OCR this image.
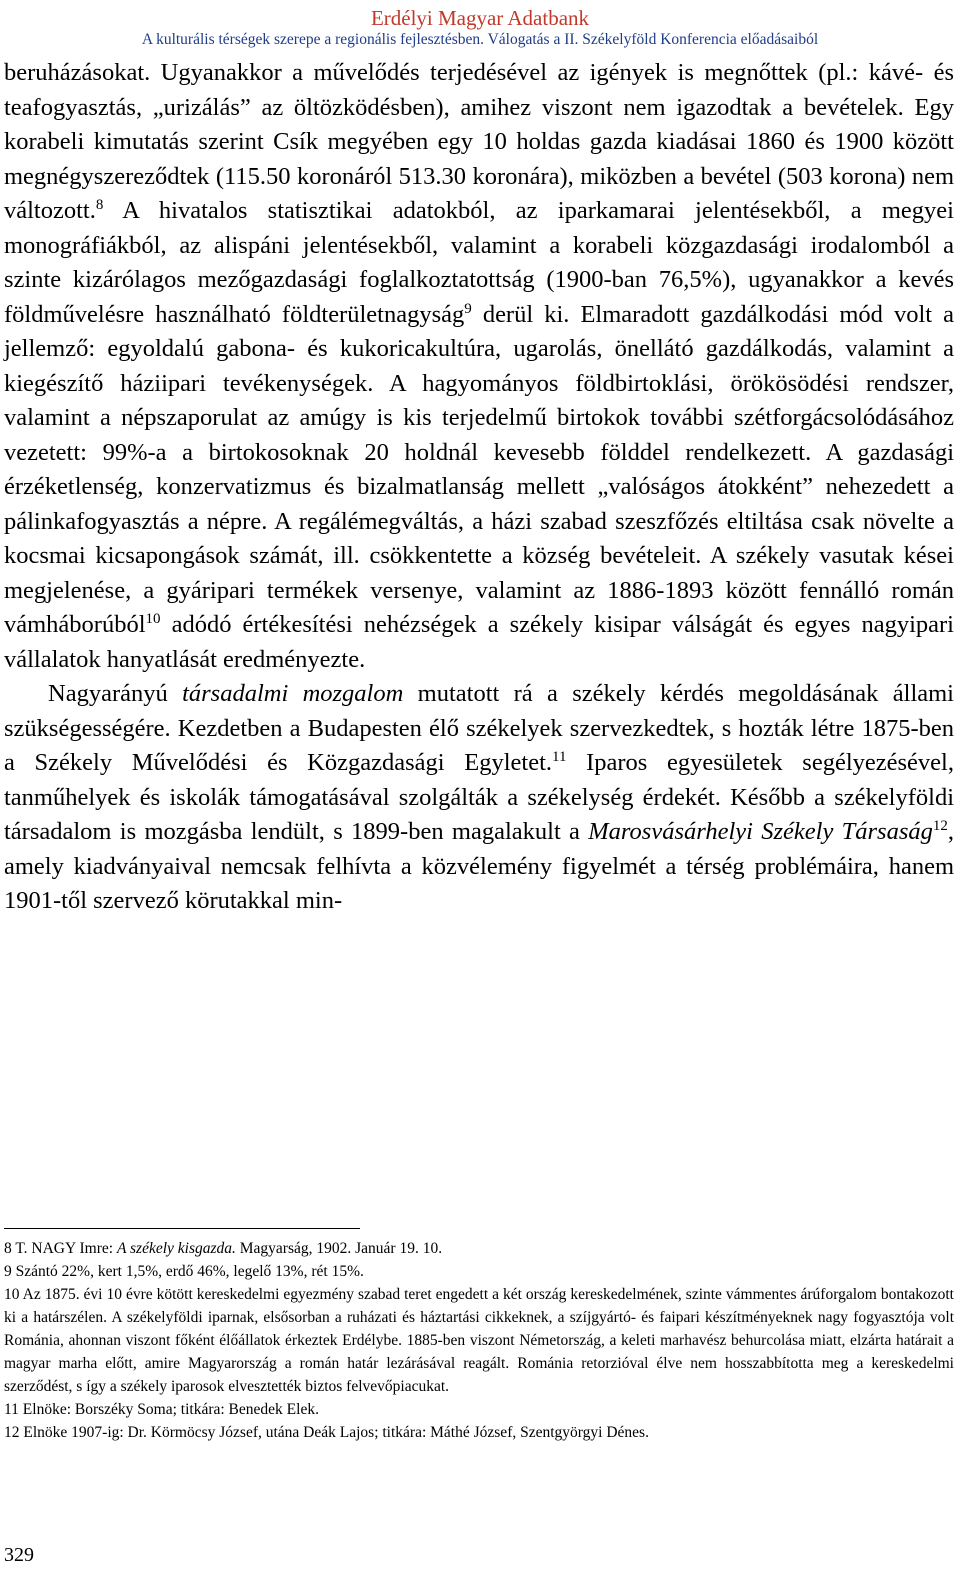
Erdélyi Magyar Adatbank
A kulturális térségek szerepe a regionális fejlesztésben. Válogatás a II. Székelyföld Konferencia előadásaiból

beruházásokat. Ugyanakkor a művelődés terjedésével az igények is megnőttek (pl.: kávé- és teafogyasztás, „urizálás” az öltözködésben), amihez viszont nem igazodtak a bevételek. Egy korabeli kimutatás szerint Csík megyében egy 10 holdas gazda kiadásai 1860 és 1900 között megnégyszereződtek (115.50 koronáról 513.30 koronára), miközben a bevétel (503 korona) nem változott.$^8$ A hivatalos statisztikai adatokból, az iparkamarai jelentésekből, a megyei monográfiákból, az alispáni jelentésekből, valamint a korabeli közgazdasági irodalomból a szinte kizárólagos mezőgazdasági foglalkoztatottság (1900-ban 76,5%), ugyanakkor a kevés földművelésre használható földterületnagyság$^9$ derül ki. Elmaradott gazdálkodási mód volt a jellemző: egyoldalú gabona- és kukoricakultúra, ugarolás, önellátó gazdálkodás, valamint a kiegészítő háziipari tevékenységek. A hagyományos földbirtoklási, örökösödési rendszer, valamint a népszaporulat az amúgy is kis terjedelmű birtokok további szétforgácsolódásához vezetett: 99%-a a birtokosoknak 20 holdnál kevesebb földdel rendelkezett. A gazdasági érzéketlenség, konzervatizmus és bizalmatlanság mellett „valóságos átokként” nehezedett a pálinkafogyasztás a népre. A regálémegváltás, a házi szabad szeszfőzés eltiltása csak növelte a kocsmai kicsapongások számát, ill. csökkentette a község bevételeit. A székely vasutak kései megjelenése, a gyáripari termékek versenye, valamint az 1886-1893 között fennálló román vámháborúból$^{10}$ adódó értékesítési nehézségek a székely kisipar válságát és egyes nagyipari vállalatok hanyatlását eredményezte.

Nagyarányú társadalmi mozgalom mutatott rá a székely kérdés megoldásának állami szükségességére. Kezdetben a Budapesten élő székelyek szervezkedtek, s hozták létre 1875-ben a Székely Művelődési és Közgazdasági Egyletet.$^{11}$ Iparos egyesületek segélyezésével, tanműhelyek és iskolák támogatásával szolgálták a székelység érdekét. Később a székelyföldi társadalom is mozgásba lendült, s 1899-ben magalakult a Marosvásárhelyi Székely Társaság$^{12}$, amely kiadványaival nemcsak felhívta a közvélemény figyelmét a térség problémáira, hanem 1901-től szervező körutakkal min-

8 T. NAGY Imre: A székely kisgazda. Magyarság, 1902. Január 19. 10.

9 Szántó 22%, kert 1,5%, erdő 46%, legelő 13%, rét 15%.

10 Az 1875. évi 10 évre kötött kereskedelmi egyezmény szabad teret engedett a két ország kereskedelmének, szinte vámmentes árúforgalom bontakozott ki a határszélen. A székelyföldi iparnak, elsősorban a ruházati és háztartási cikkeknek, a szíjgyártó- és faipari készítményeknek nagy fogyasztója volt Románia, ahonnan viszont főként élőállatok érkeztek Erdélybe. 1885-ben viszont Németország, a keleti marhavész behurcolása miatt, elzárta határait a magyar marha előtt, amire Magyarország a román határ lezárásával reagált. Románia retorzióval élve nem hosszabbította meg a kereskedelmi szerződést, s így a székely iparosok elvesztették biztos felvevőpiacukat.

11 Elnöke: Borszéky Soma; titkára: Benedek Elek.

12 Elnöke 1907-ig: Dr. Körmöcsy József, utána Deák Lajos; titkára: Máthé József, Szentgyörgyi Dénes.

329
